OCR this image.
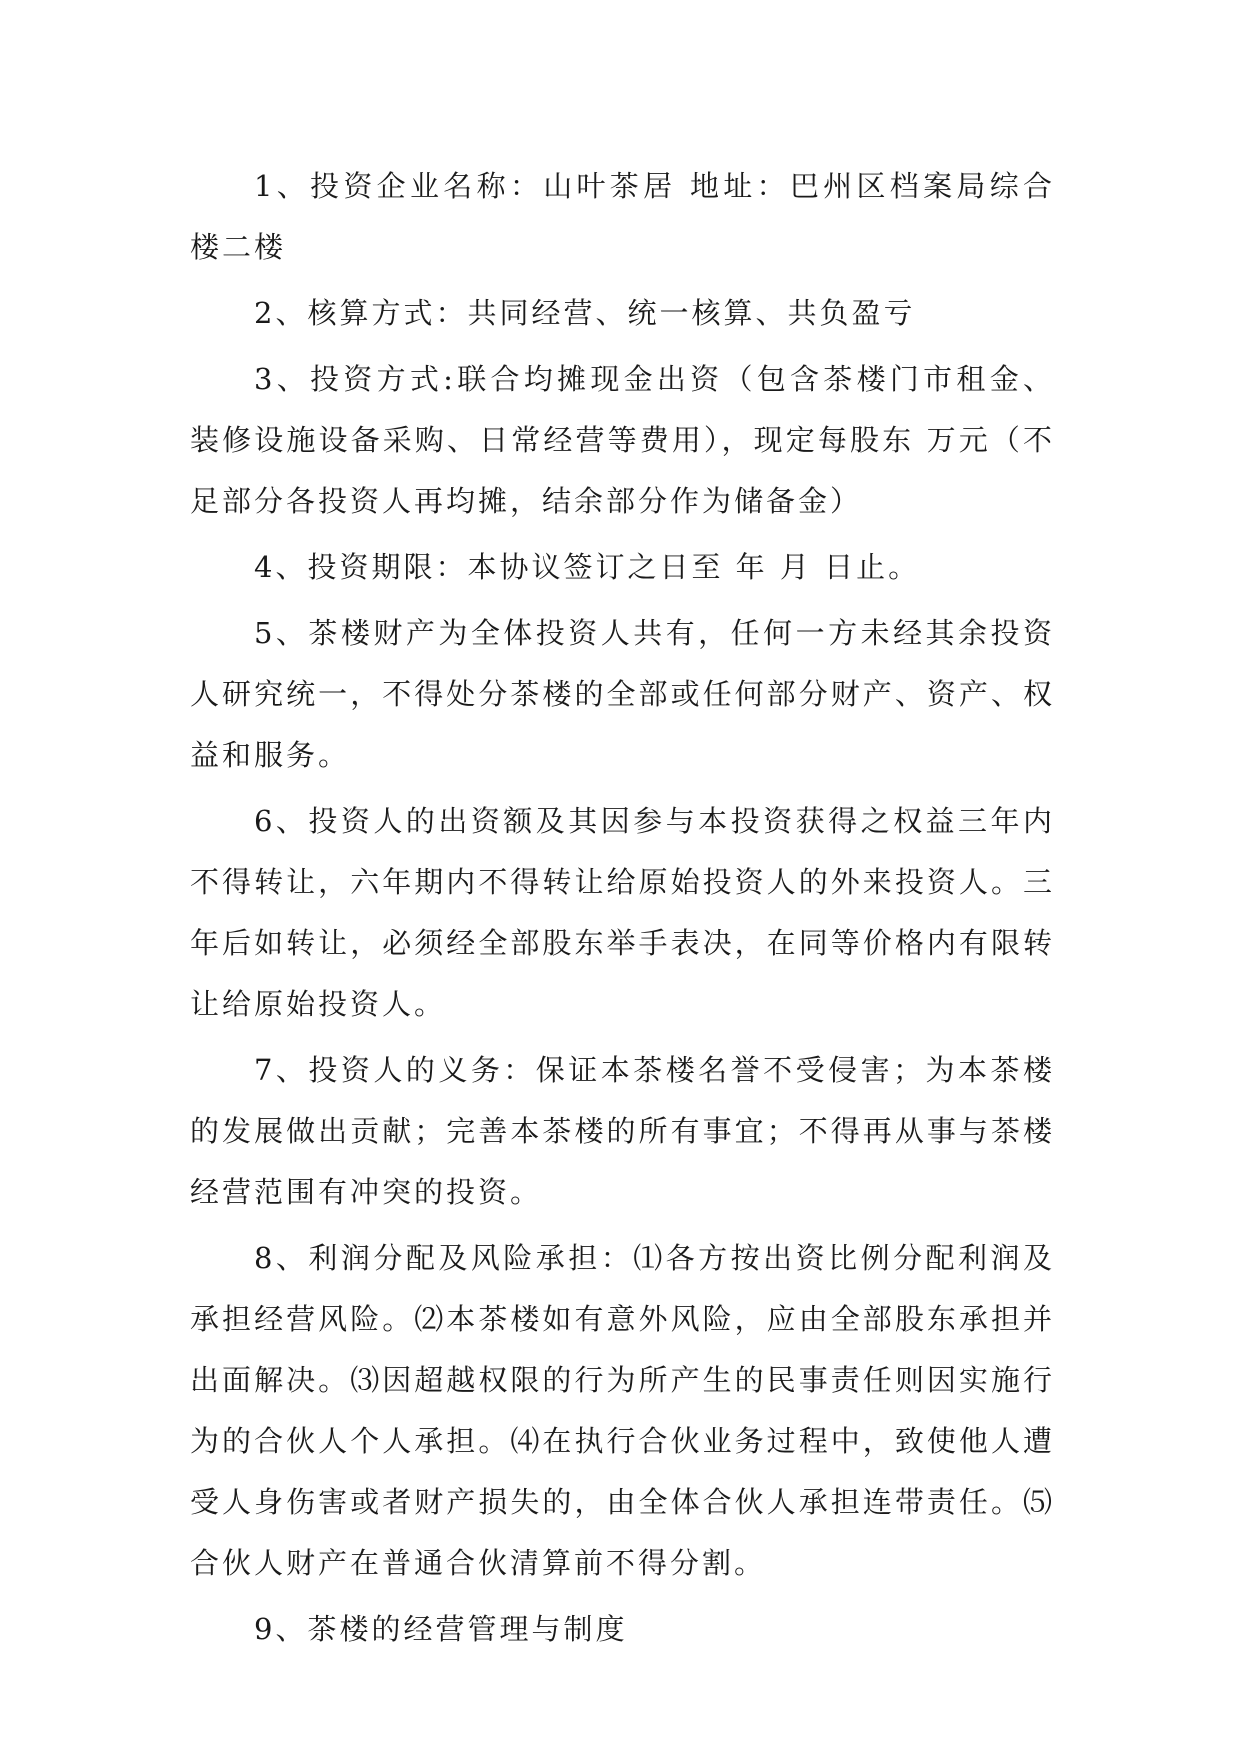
1、投资企业名称：山叶茶居 地址：巴州区档案局综合楼二楼

2、核算方式：共同经营、统一核算、共负盈亏

3、投资方式:联合均摊现金出资（包含茶楼门市租金、装修设施设备采购、日常经营等费用），现定每股东 万元（不足部分各投资人再均摊，结余部分作为储备金）

4、投资期限：本协议签订之日至 年 月 日止。

5、茶楼财产为全体投资人共有，任何一方未经其余投资人研究统一，不得处分茶楼的全部或任何部分财产、资产、权益和服务。

6、投资人的出资额及其因参与本投资获得之权益三年内不得转让，六年期内不得转让给原始投资人的外来投资人。三年后如转让，必须经全部股东举手表决，在同等价格内有限转让给原始投资人。

7、投资人的义务：保证本茶楼名誉不受侵害；为本茶楼的发展做出贡献；完善本茶楼的所有事宜；不得再从事与茶楼经营范围有冲突的投资。

8、利润分配及风险承担：⑴各方按出资比例分配利润及承担经营风险。⑵本茶楼如有意外风险，应由全部股东承担并出面解决。⑶因超越权限的行为所产生的民事责任则因实施行为的合伙人个人承担。⑷在执行合伙业务过程中，致使他人遭受人身伤害或者财产损失的，由全体合伙人承担连带责任。⑸合伙人财产在普通合伙清算前不得分割。

9、茶楼的经营管理与制度
